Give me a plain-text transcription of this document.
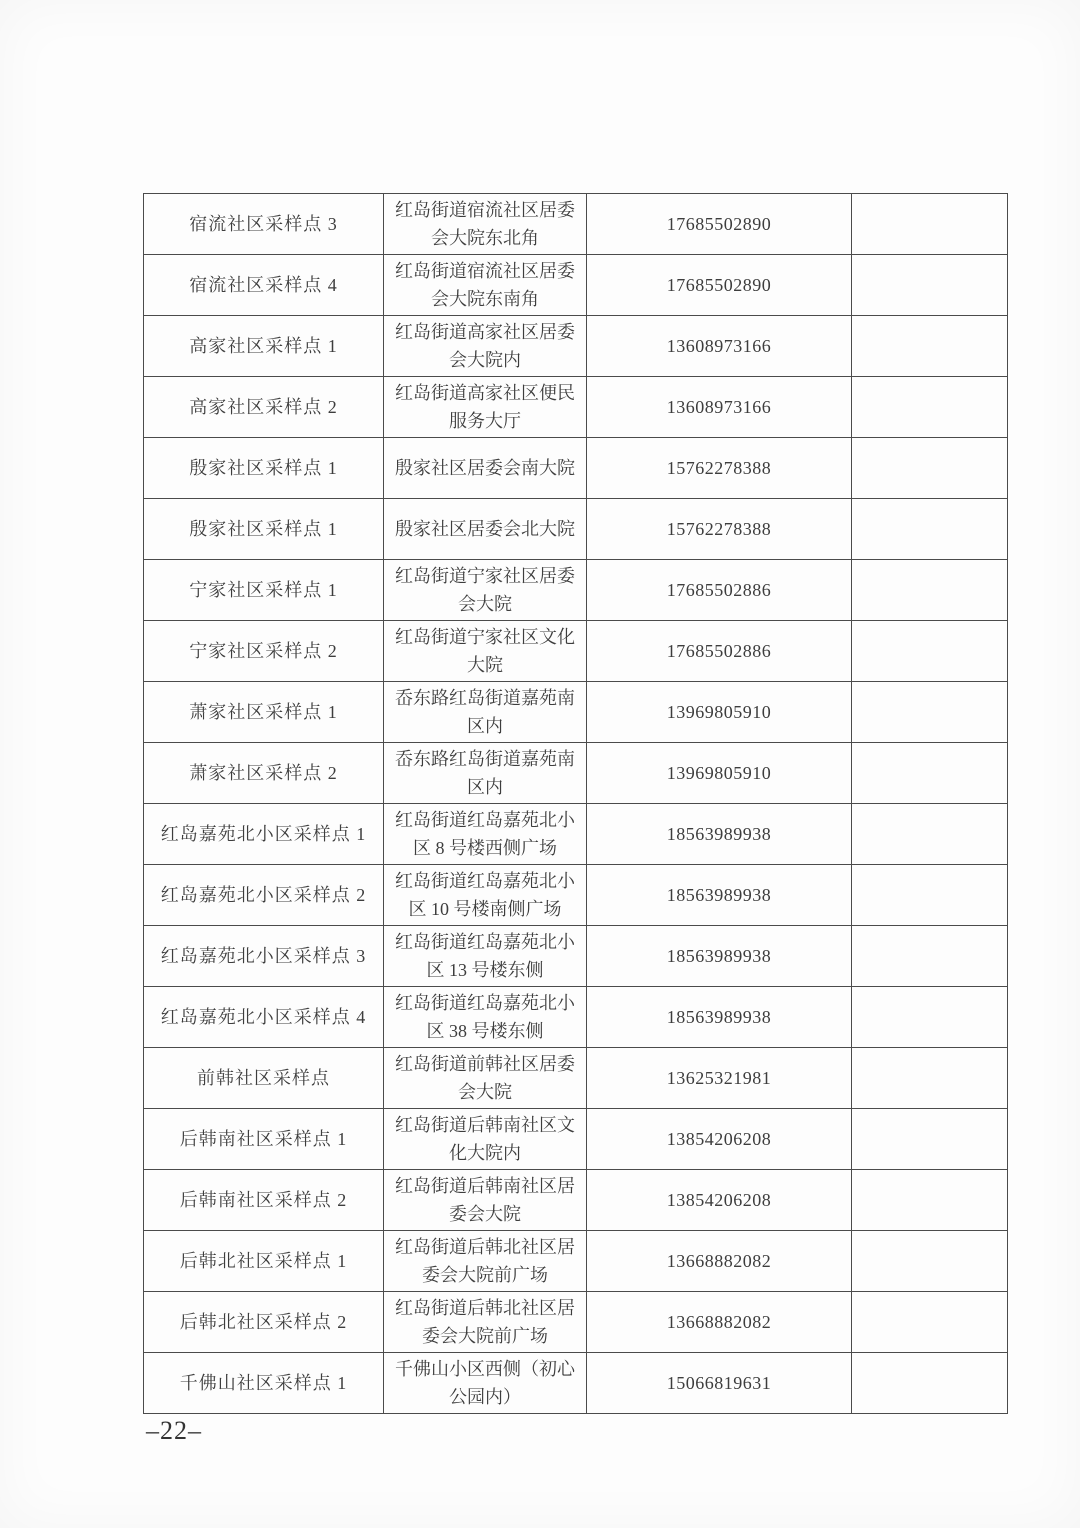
宿流社区采样点 3	红岛街道宿流社区居委会大院东北角	17685502890	
宿流社区采样点 4	红岛街道宿流社区居委会大院东南角	17685502890	
高家社区采样点 1	红岛街道高家社区居委会大院内	13608973166	
高家社区采样点 2	红岛街道高家社区便民服务大厅	13608973166	
殷家社区采样点 1	殷家社区居委会南大院	15762278388	
殷家社区采样点 1	殷家社区居委会北大院	15762278388	
宁家社区采样点 1	红岛街道宁家社区居委会大院	17685502886	
宁家社区采样点 2	红岛街道宁家社区文化大院	17685502886	
萧家社区采样点 1	岙东路红岛街道嘉苑南区内	13969805910	
萧家社区采样点 2	岙东路红岛街道嘉苑南区内	13969805910	
红岛嘉苑北小区采样点 1	红岛街道红岛嘉苑北小区 8 号楼西侧广场	18563989938	
红岛嘉苑北小区采样点 2	红岛街道红岛嘉苑北小区 10 号楼南侧广场	18563989938	
红岛嘉苑北小区采样点 3	红岛街道红岛嘉苑北小区 13 号楼东侧	18563989938	
红岛嘉苑北小区采样点 4	红岛街道红岛嘉苑北小区 38 号楼东侧	18563989938	
前韩社区采样点	红岛街道前韩社区居委会大院	13625321981	
后韩南社区采样点 1	红岛街道后韩南社区文化大院内	13854206208	
后韩南社区采样点 2	红岛街道后韩南社区居委会大院	13854206208	
后韩北社区采样点 1	红岛街道后韩北社区居委会大院前广场	13668882082	
后韩北社区采样点 2	红岛街道后韩北社区居委会大院前广场	13668882082	
千佛山社区采样点 1	千佛山小区西侧（初心公园内）	15066819631	
–22–
